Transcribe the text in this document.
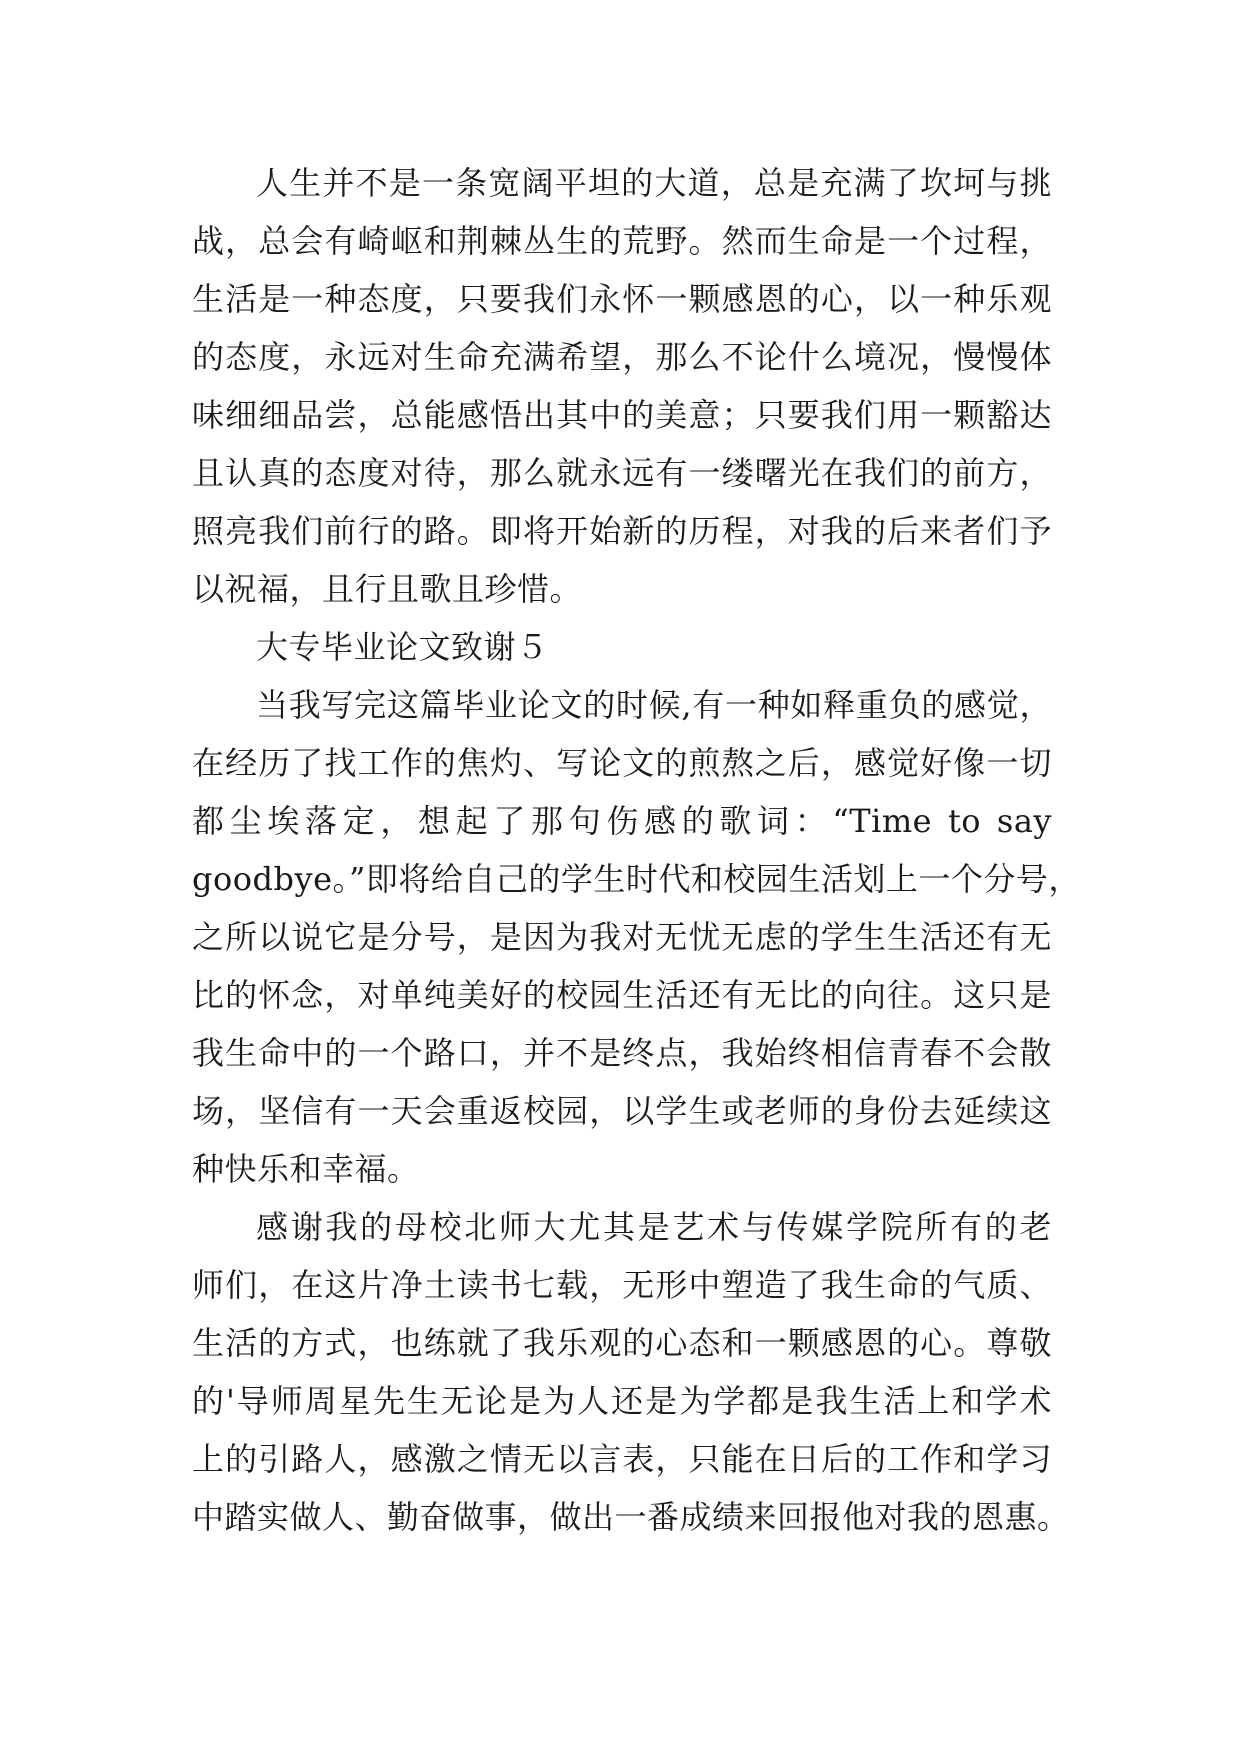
人生并不是一条宽阔平坦的大道，总是充满了坎坷与挑
战，总会有崎岖和荆棘丛生的荒野。然而生命是一个过程，
生活是一种态度，只要我们永怀一颗感恩的心，以一种乐观
的态度，永远对生命充满希望，那么不论什么境况，慢慢体
味细细品尝，总能感悟出其中的美意；只要我们用一颗豁达
且认真的态度对待，那么就永远有一缕曙光在我们的前方，
照亮我们前行的路。即将开始新的历程，对我的后来者们予
以祝福，且行且歌且珍惜。
大专毕业论文致谢５
当我写完这篇毕业论文的时候,有一种如释重负的感觉，
在经历了找工作的焦灼、写论文的煎熬之后，感觉好像一切
都尘埃落定，想起了那句伤感的歌词：“Time to say
goodbye。”即将给自己的学生时代和校园生活划上一个分号，
之所以说它是分号，是因为我对无忧无虑的学生生活还有无
比的怀念，对单纯美好的校园生活还有无比的向往。这只是
我生命中的一个路口，并不是终点，我始终相信青春不会散
场，坚信有一天会重返校园，以学生或老师的身份去延续这
种快乐和幸福。
感谢我的母校北师大尤其是艺术与传媒学院所有的老
师们，在这片净土读书七载，无形中塑造了我生命的气质、
生活的方式，也练就了我乐观的心态和一颗感恩的心。尊敬
的'导师周星先生无论是为人还是为学都是我生活上和学术
上的引路人，感激之情无以言表，只能在日后的工作和学习
中踏实做人、勤奋做事，做出一番成绩来回报他对我的恩惠。
